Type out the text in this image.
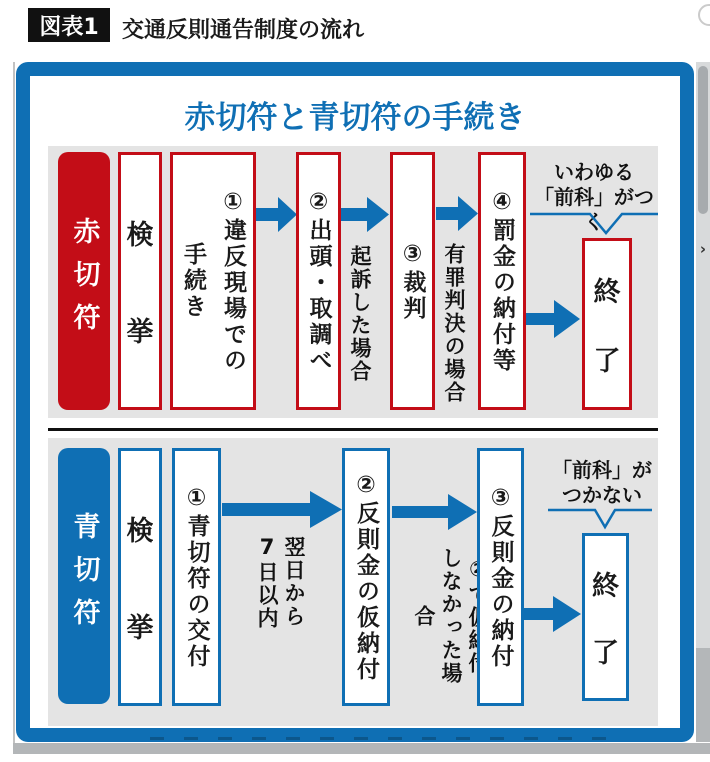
図表1	交通反則通告制度の流れ
›
赤切符と青切符の手続き
赤切符 検
挙	①違反現場での
手続き	②出頭・取調べ 起訴した場合	③裁判 有罪判決の場合	④罰金の納付等
いわゆる
「前科」がつく
終
了
青切符 検
挙	①青切符の交付	翌日から
7日以内	②反則金の仮納付	しなかった場合	③反則金の納付
「前科」が
つかない
終
了
